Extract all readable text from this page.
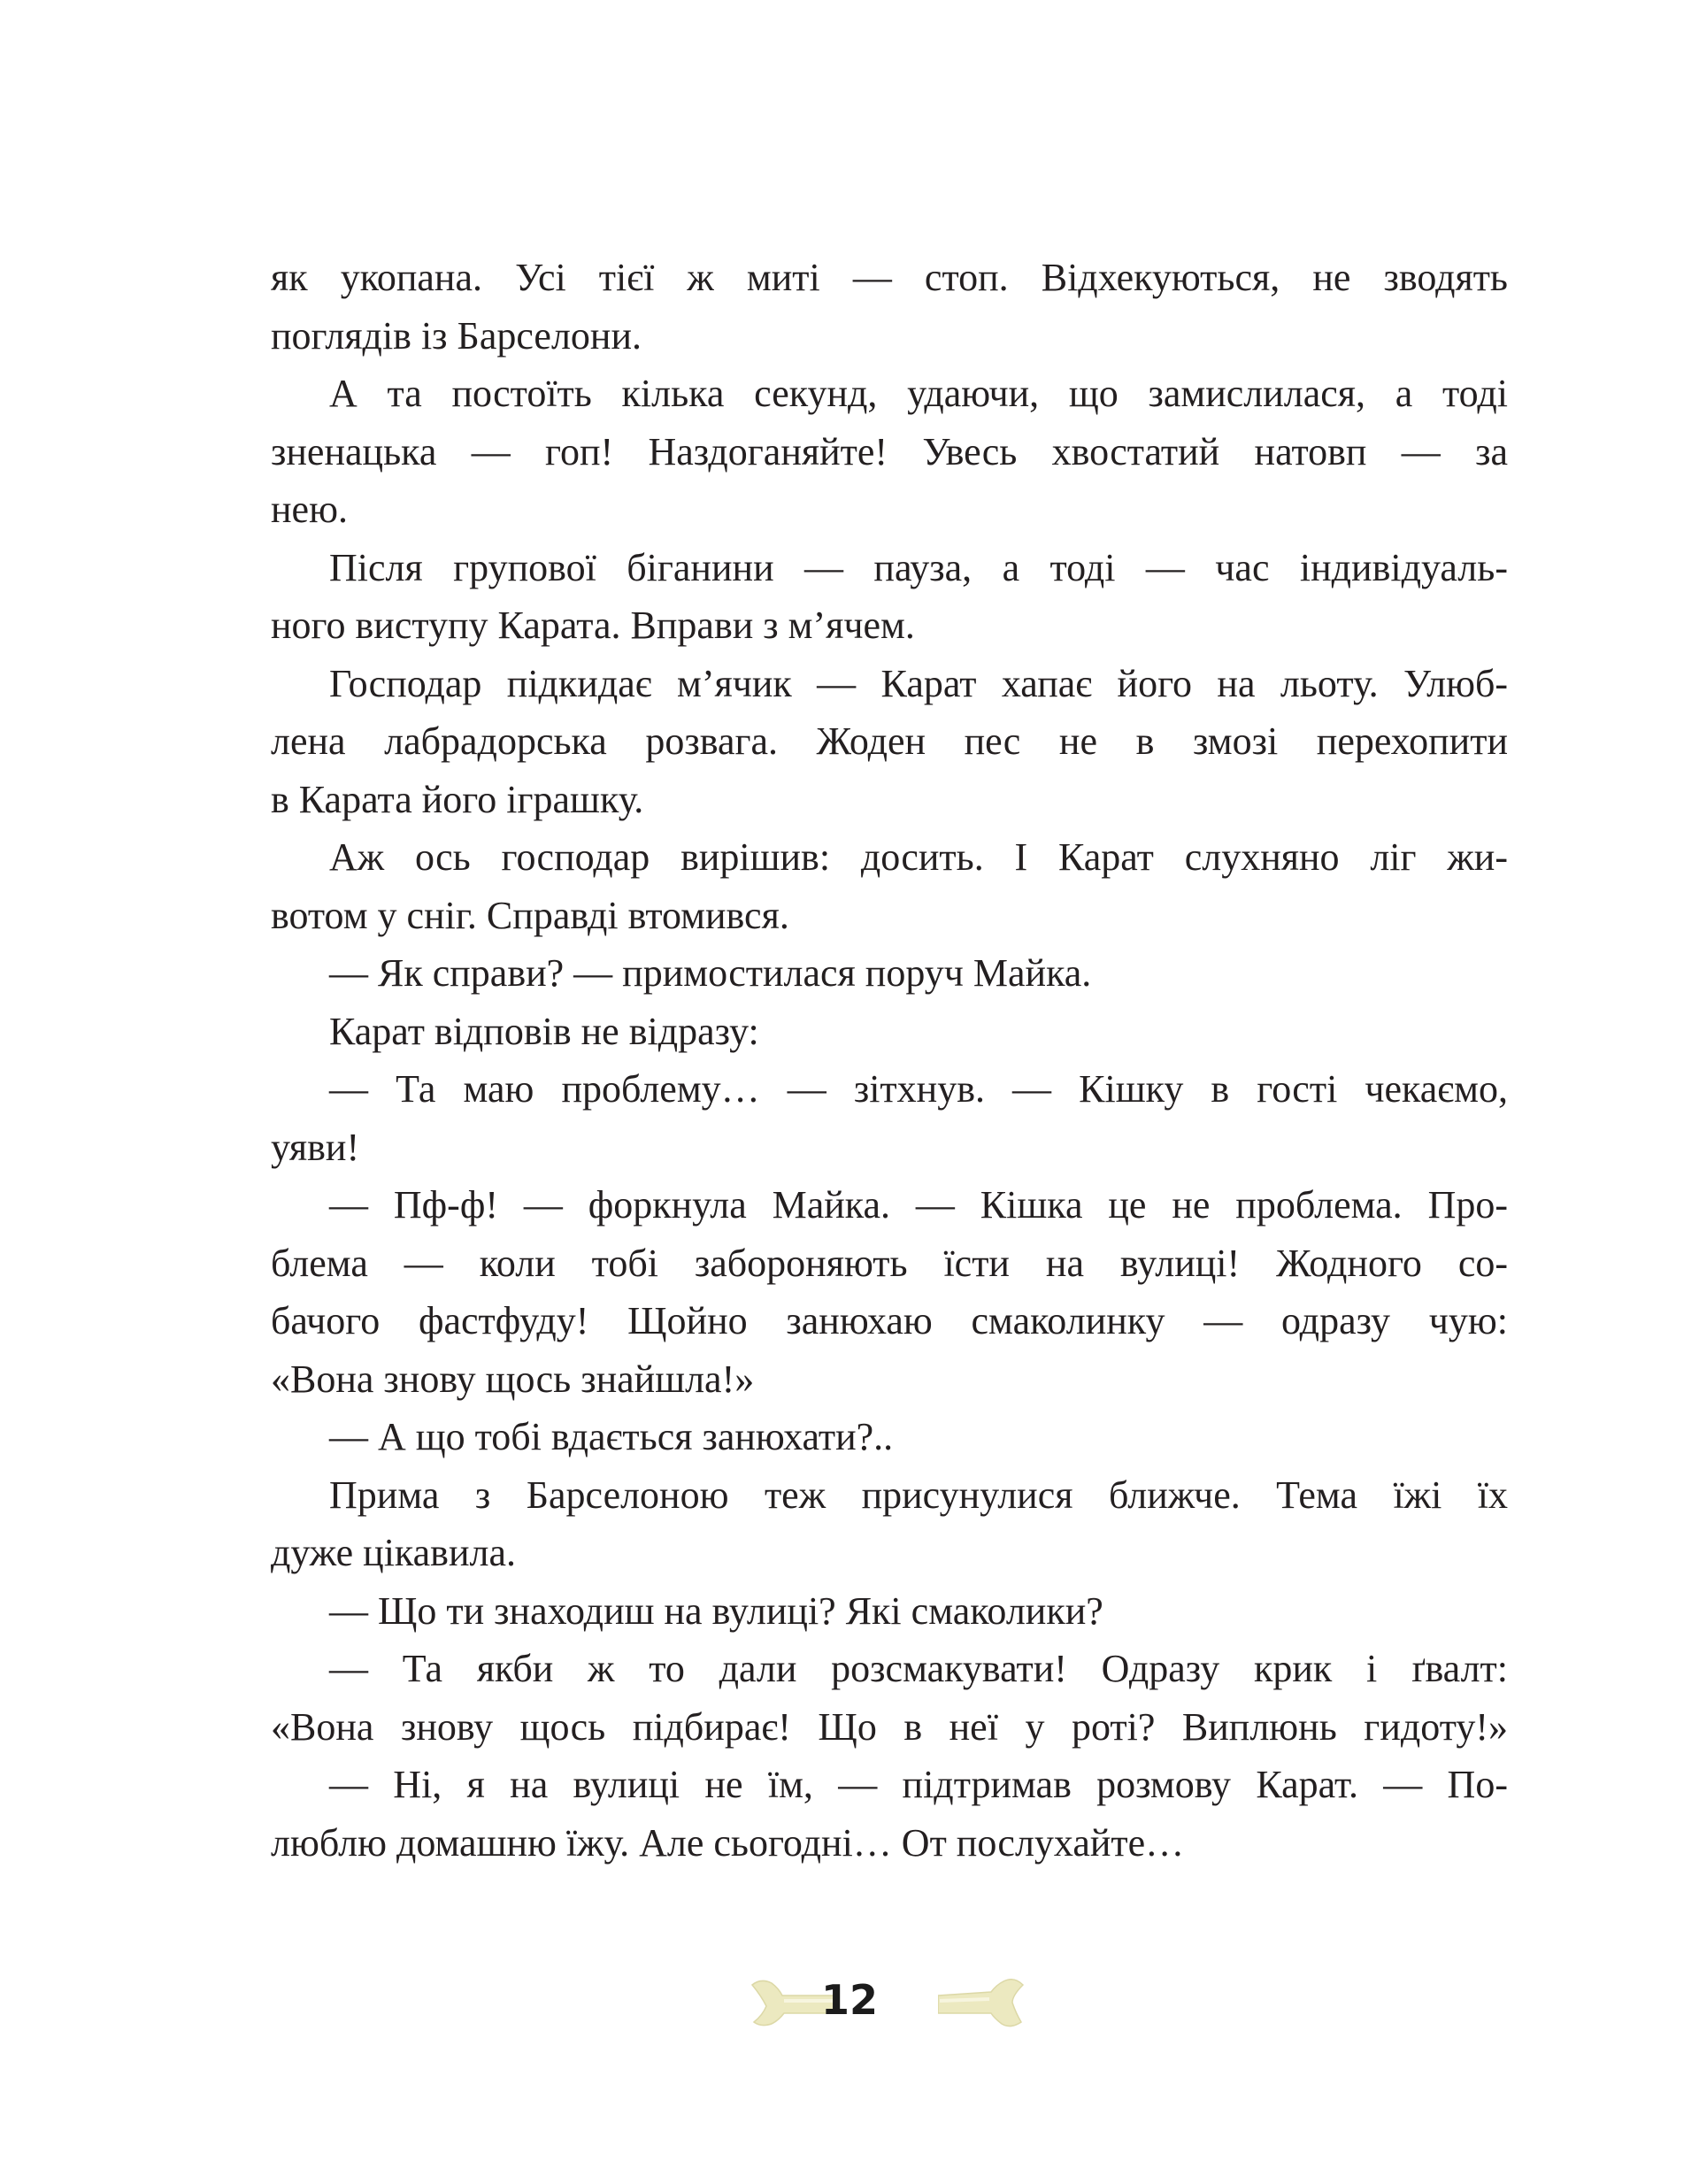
як укопана. Усі тієї ж миті — стоп. Відхекуються, не зводять
поглядів із Барселони.
А та постоїть кілька секунд, удаючи, що замислилася, а тоді
зненацька — гоп! Наздоганяйте! Увесь хвостатий натовп — за
нею.
Після групової біганини — пауза, а тоді — час індивідуаль-
ного виступу Карата. Вправи з м’ячем.
Господар підкидає м’ячик — Карат хапає його на льоту. Улюб-
лена лабрадорська розвага. Жоден пес не в змозі перехопити
в Карата його іграшку.
Аж ось господар вирішив: досить. І Карат слухняно ліг жи-
вотом у сніг. Справді втомився.
— Як справи? — примостилася поруч Майка.
Карат відповів не відразу:
— Та маю проблему… — зітхнув. — Кішку в гості чекаємо,
уяви!
— Пф-ф! — форкнула Майка. — Кішка це не проблема. Про-
блема — коли тобі забороняють їсти на вулиці! Жодного со-
бачого фастфуду! Щойно занюхаю смаколинку — одразу чую:
«Вона знову щось знайшла!»
— А що тобі вдається занюхати?..
Прима з Барселоною теж присунулися ближче. Тема їжі їх
дуже цікавила.
— Що ти знаходиш на вулиці? Які смаколики?
— Та якби ж то дали розсмакувати! Одразу крик і ґвалт:
«Вона знову щось підбирає! Що в неї у роті? Виплюнь гидоту!»
— Ні, я на вулиці не їм, — підтримав розмову Карат. — По-
люблю домашню їжу. Але сьогодні… От послухайте…
12
